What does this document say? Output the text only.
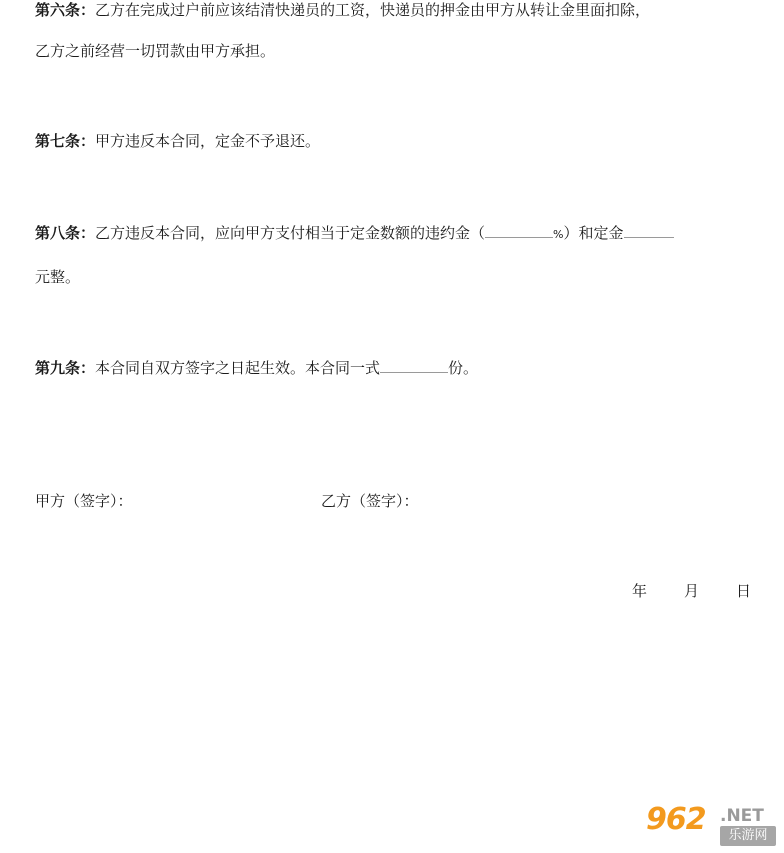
第六条：乙方在完成过户前应该结清快递员的工资，快递员的押金由甲方从转让金里面扣除，
乙方之前经营一切罚款由甲方承担。
第七条：甲方违反本合同，定金不予退还。
第八条：乙方违反本合同，应向甲方支付相当于定金数额的违约金（	%）和定金
元整。
第九条：本合同自双方签字之日起生效。本合同一式	份。
甲方（签字）：	乙方（签字）：
年 月 日
962 .NET
乐游网
